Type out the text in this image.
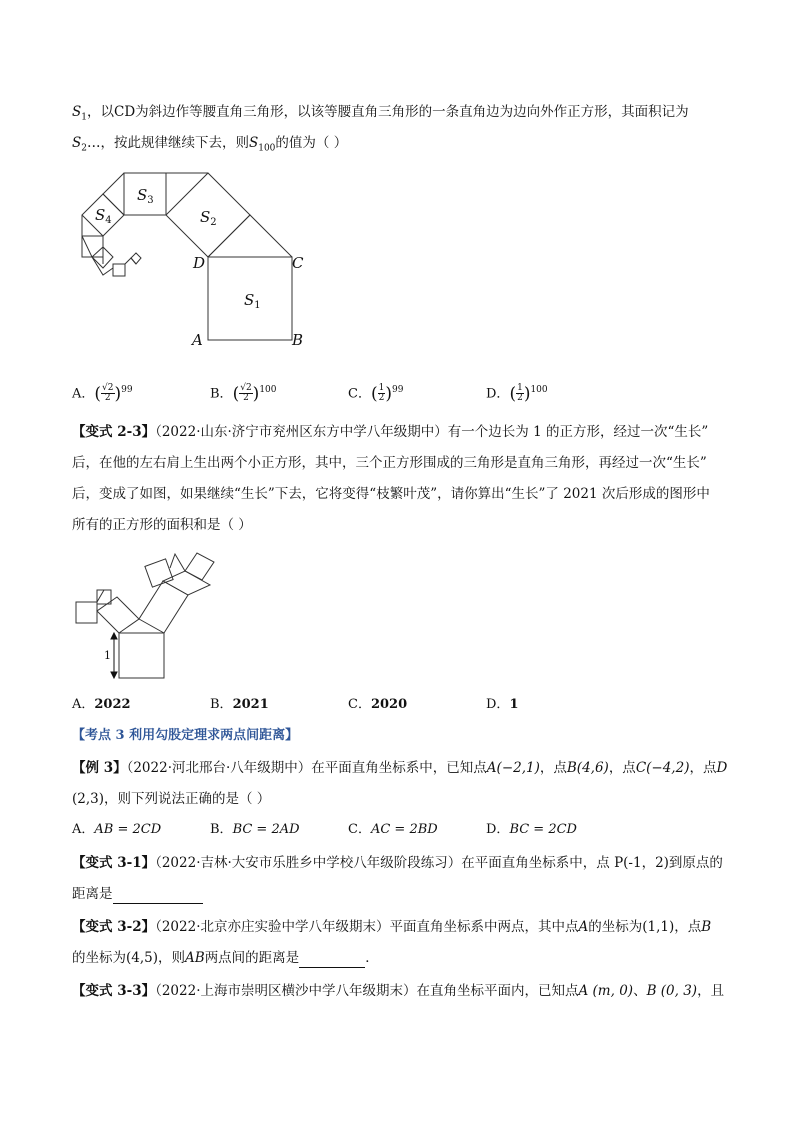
$S_1$，以CD为斜边作等腰直角三角形，以该等腰直角三角形的一条直角边为边向外作正方形，其面积记为
$S_2\dots$，按此规律继续下去，则$S_{100}$的值为（ ）
$S_1$
$S_2$
$S_3$
$S_4$
A	B
C
D
A．( $\frac{√2}{2} )^{99}$	B．( $\frac{√2}{2} )^{100}$	C．( $\frac{1}{2} )^{99}$	D．( $\frac{1}{2} )^{100}$
【变式 2-3】（2022·山东·济宁市兖州区东方中学八年级期中）有一个边长为 1 的正方形，经过一次“生长”
后，在他的左右肩上生出两个小正方形，其中，三个正方形围成的三角形是直角三角形，再经过一次“生长”
后，变成了如图，如果继续“生长”下去，它将变得“枝繁叶茂”，请你算出“生长”了 2021 次后形成的图形中
所有的正方形的面积和是（ ）
1
A．2022	B．2021	C．2020	D．1
【考点 3 利用勾股定理求两点间距离】
【例 3】（2022·河北邢台·八年级期中）在平面直角坐标系中，已知点A(−2,1)，点B(4,6)，点C(−4,2)，点D
(2,3)，则下列说法正确的是（ ）
A．AB = 2CD	B．BC = 2AD	C．AC = 2BD	D．BC = 2CD
【变式 3-1】（2022·吉林·大安市乐胜乡中学校八年级阶段练习）在平面直角坐标系中，点 P(-1，2)到原点的
距离是
【变式 3-2】（2022·北京亦庄实验中学八年级期末）平面直角坐标系中两点，其中点A的坐标为(1,1)，点B
的坐标为(4,5)，则AB两点间的距离是	．
【变式 3-3】（2022·上海市崇明区横沙中学八年级期末）在直角坐标平面内，已知点A (m, 0)、B (0, 3)，且
